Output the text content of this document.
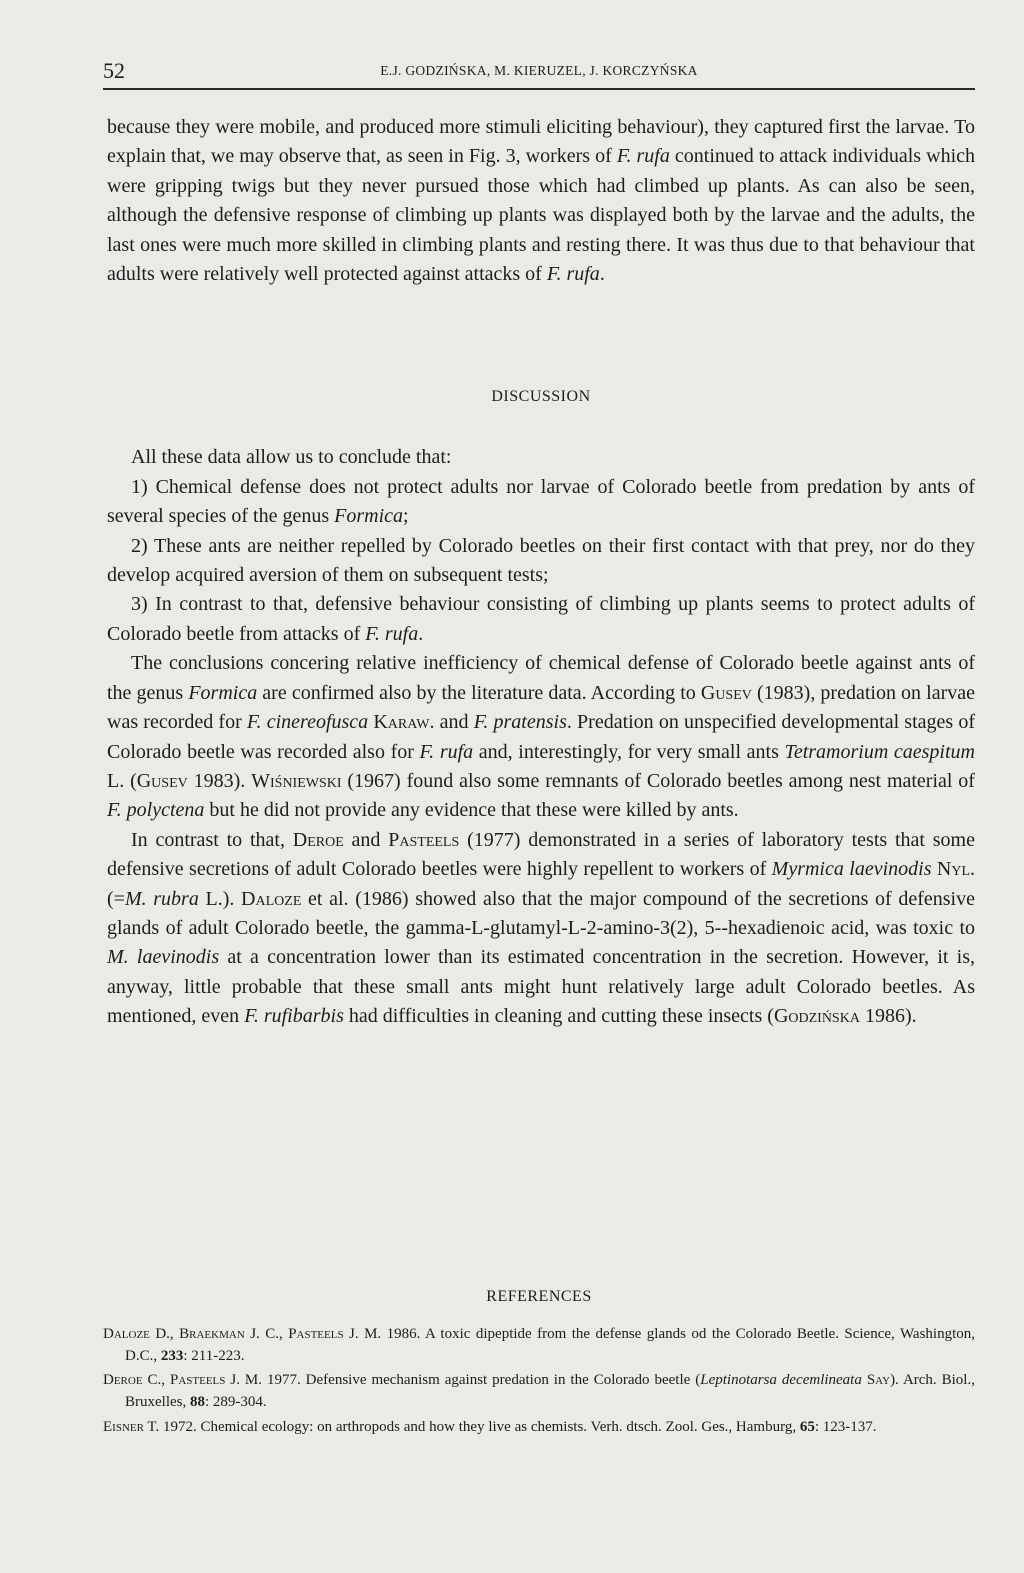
52	E.J. GODZIŃSKA, M. KIERUZEL, J. KORCZYŃSKA

because they were mobile, and produced more stimuli eliciting behaviour), they captured first the larvae. To explain that, we may observe that, as seen in Fig. 3, workers of F. rufa continued to attack individuals which were gripping twigs but they never pursued those which had climbed up plants. As can also be seen, although the defensive response of climbing up plants was displayed both by the larvae and the adults, the last ones were much more skilled in climbing plants and resting there. It was thus due to that behaviour that adults were relatively well protected against attacks of F. rufa.

DISCUSSION

All these data allow us to conclude that:

1) Chemical defense does not protect adults nor larvae of Colorado beetle from predation by ants of several species of the genus Formica;

2) These ants are neither repelled by Colorado beetles on their first contact with that prey, nor do they develop acquired aversion of them on subsequent tests;

3) In contrast to that, defensive behaviour consisting of climbing up plants seems to protect adults of Colorado beetle from attacks of F. rufa.

The conclusions concering relative inefficiency of chemical defense of Colorado beetle against ants of the genus Formica are confirmed also by the literature data. According to Gusev (1983), predation on larvae was recorded for F. cinereofusca Karaw. and F. pratensis. Predation on unspecified developmental stages of Colorado beetle was recorded also for F. rufa and, interestingly, for very small ants Tetramorium caespitum L. (Gusev 1983). Wiśniewski (1967) found also some remnants of Colorado beetles among nest material of F. polyctena but he did not provide any evidence that these were killed by ants.

In contrast to that, Deroe and Pasteels (1977) demonstrated in a series of laboratory tests that some defensive secretions of adult Colorado beetles were highly repellent to workers of Myrmica laevinodis Nyl. (=M. rubra L.). Daloze et al. (1986) showed also that the major compound of the secretions of defensive glands of adult Colorado beetle, the gamma-L-glutamyl-L-2-amino-3(2), 5--hexadienoic acid, was toxic to M. laevinodis at a concentration lower than its estimated concentration in the secretion. However, it is, anyway, little probable that these small ants might hunt relatively large adult Colorado beetles. As mentioned, even F. rufibarbis had difficulties in cleaning and cutting these insects (Godzińska 1986).

REFERENCES

Daloze D., Braekman J. C., Pasteels J. M. 1986. A toxic dipeptide from the defense glands od the Colorado Beetle. Science, Washington, D.C., 233: 211-223.

Deroe C., Pasteels J. M. 1977. Defensive mechanism against predation in the Colorado beetle (Leptinotarsa decemlineata Say). Arch. Biol., Bruxelles, 88: 289-304.

Eisner T. 1972. Chemical ecology: on arthropods and how they live as chemists. Verh. dtsch. Zool. Ges., Hamburg, 65: 123-137.
